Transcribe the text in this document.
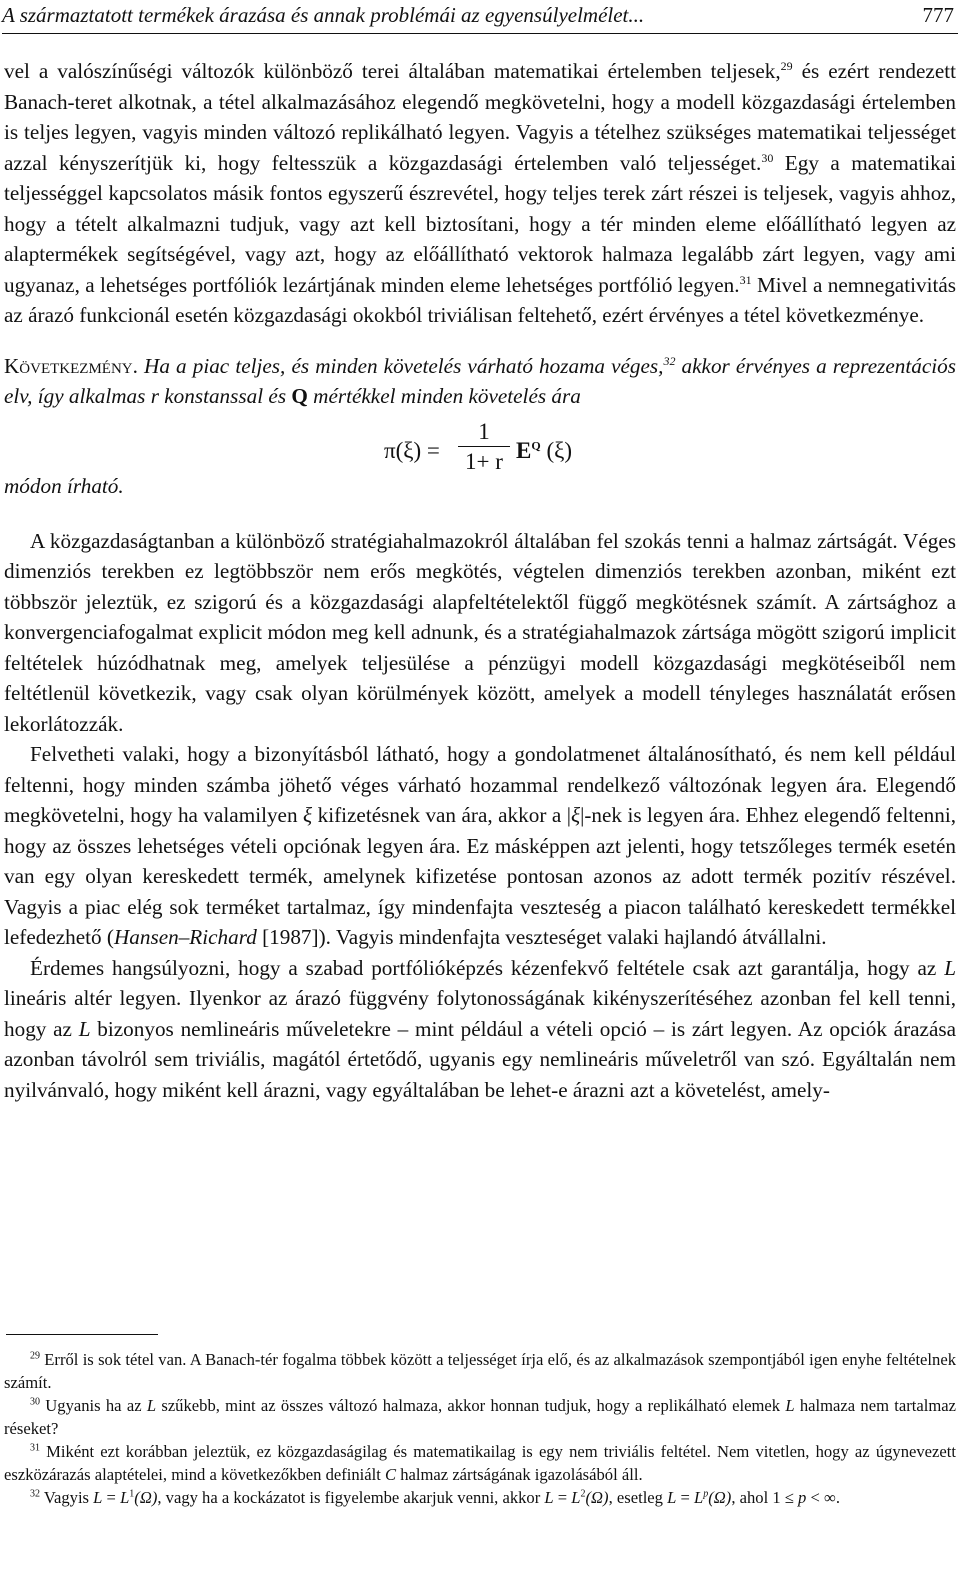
A származtatott termékek árazása és annak problémái az egyensúlyelmélet...	777

vel a valószínűségi változók különböző terei általában matematikai értelemben teljesek,$^{29}$ és ezért rendezett Banach-teret alkotnak, a tétel alkalmazásához elegendő megkövetelni, hogy a modell közgazdasági értelemben is teljes legyen, vagyis minden változó replikálható legyen. Vagyis a tételhez szükséges matematikai teljességet azzal kényszerítjük ki, hogy feltesszük a közgazdasági értelemben való teljességet.$^{30}$ Egy a matematikai teljességgel kapcsolatos másik fontos egyszerű észrevétel, hogy teljes terek zárt részei is teljesek, vagyis ahhoz, hogy a tételt alkalmazni tudjuk, vagy azt kell biztosítani, hogy a tér minden eleme előállítható legyen az alaptermékek segítségével, vagy azt, hogy az előállítható vektorok halmaza legalább zárt legyen, vagy ami ugyanaz, a lehetséges portfóliók lezártjának minden eleme lehetséges portfólió legyen.$^{31}$ Mivel a nemnegativitás az árazó funkcionál esetén közgazdasági okokból triviálisan feltehető, ezért érvényes a tétel következménye.

Következmény. Ha a piac teljes, és minden követelés várható hozama véges,$^{32}$ akkor érvényes a reprezentációs elv, így alkalmas r konstanssal és Q mértékkel minden követelés ára

$\pi(\xi) = \frac{1}{1+ r} E^Q$ (ξ)
módon írható.

A közgazdaságtanban a különböző stratégiahalmazokról általában fel szokás tenni a halmaz zártságát. Véges dimenziós terekben ez legtöbbször nem erős megkötés, végtelen dimenziós terekben azonban, miként ezt többször jeleztük, ez szigorú és a közgazdasági alapfeltételektől függő megkötésnek számít. A zártsághoz a konvergenciafogalmat explicit módon meg kell adnunk, és a stratégiahalmazok zártsága mögött szigorú implicit feltételek húzódhatnak meg, amelyek teljesülése a pénzügyi modell közgazdasági megkötéseiből nem feltétlenül következik, vagy csak olyan körülmények között, amelyek a modell tényleges használatát erősen lekorlátozzák.

Felvetheti valaki, hogy a bizonyításból látható, hogy a gondolatmenet általánosítható, és nem kell például feltenni, hogy minden számba jöhető véges várható hozammal rendelkező változónak legyen ára. Elegendő megkövetelni, hogy ha valamilyen ξ kifizetésnek van ára, akkor a |ξ|-nek is legyen ára. Ehhez elegendő feltenni, hogy az összes lehetséges vételi opciónak legyen ára. Ez másképpen azt jelenti, hogy tetszőleges termék esetén van egy olyan kereskedett termék, amelynek kifizetése pontosan azonos az adott termék pozitív részével. Vagyis a piac elég sok terméket tartalmaz, így mindenfajta veszteség a piacon található kereskedett termékkel lefedezhető (Hansen–Richard [1987]). Vagyis mindenfajta veszteséget valaki hajlandó átvállalni.

Érdemes hangsúlyozni, hogy a szabad portfólióképzés kézenfekvő feltétele csak azt garantálja, hogy az L lineáris altér legyen. Ilyenkor az árazó függvény folytonosságának kikényszerítéséhez azonban fel kell tenni, hogy az L bizonyos nemlineáris műveletekre – mint például a vételi opció – is zárt legyen. Az opciók árazása azonban távolról sem triviális, magától értetődő, ugyanis egy nemlineáris műveletről van szó. Egyáltalán nem nyilvánvaló, hogy miként kell árazni, vagy egyáltalában be lehet-e árazni azt a követelést, amely-

$^{29}$ Erről is sok tétel van. A Banach-tér fogalma többek között a teljességet írja elő, és az alkalmazások szempontjából igen enyhe feltételnek számít.

$^{30}$ Ugyanis ha az L szűkebb, mint az összes változó halmaza, akkor honnan tudjuk, hogy a replikálható elemek L halmaza nem tartalmaz réseket?

$^{31}$ Miként ezt korábban jeleztük, ez közgazdaságilag és matematikailag is egy nem triviális feltétel. Nem vitetlen, hogy az úgynevezett eszközárazás alaptételei, mind a következőkben definiált C halmaz zártságának igazolásából áll.

$^{32}$ Vagyis $L = L^1(\Omega)$, vagy ha a kockázatot is figyelembe akarjuk venni, akkor $L = L^2(\Omega)$, esetleg $L = L^p(\Omega)$, ahol 1 ≤ p < ∞.
